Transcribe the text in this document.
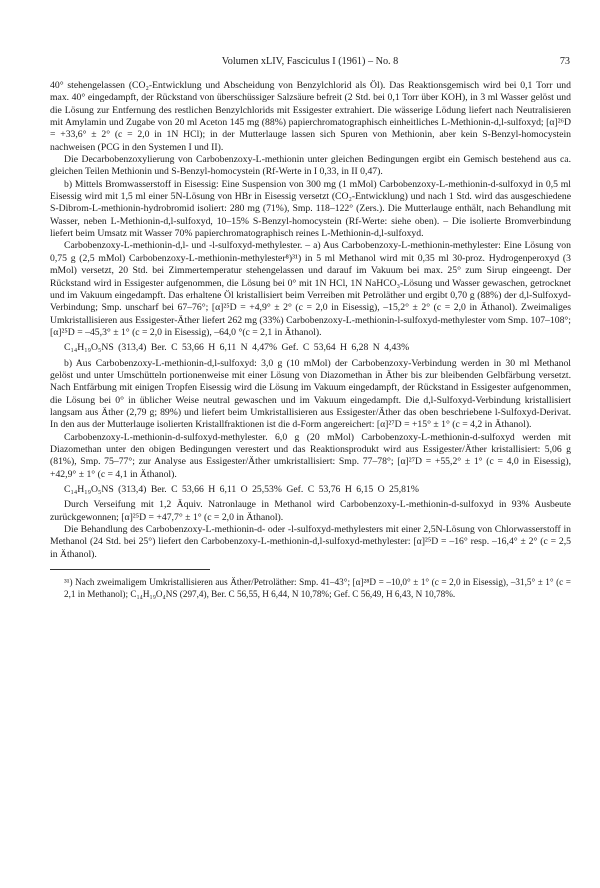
Volumen xLIV, Fasciculus I (1961) – No. 8	73

40° stehengelassen (CO₂-Entwicklung und Abscheidung von Benzylchlorid als Öl). Das Reaktionsgemisch wird bei 0,1 Torr und max. 40° eingedampft, der Rückstand von überschüssiger Salzsäure befreit (2 Std. bei 0,1 Torr über KOH), in 3 ml Wasser gelöst und die Lösung zur Entfernung des restlichen Benzylchlorids mit Essigester extrahiert. Die wässerige Lödung liefert nach Neutralisieren mit Amylamin und Zugabe von 20 ml Aceton 145 mg (88%) papierchromatographisch einheitliches L-Methionin-d,l-sulfoxyd; [α]²⁶D = +33,6° ± 2° (c = 2,0 in 1N HCl); in der Mutterlauge lassen sich Spuren von Methionin, aber kein S-Benzyl-homocystein nachweisen (PCG in den Systemen I und II).

Die Decarbobenzoxylierung von Carbobenzoxy-L-methionin unter gleichen Bedingungen ergibt ein Gemisch bestehend aus ca. gleichen Teilen Methionin und S-Benzyl-homocystein (Rf-Werte in I 0,33, in II 0,47).

b) Mittels Bromwasserstoff in Eisessig: Eine Suspension von 300 mg (1 mMol) Carbobenzoxy-L-methionin-d-sulfoxyd in 0,5 ml Eisessig wird mit 1,5 ml einer 5N-Lösung von HBr in Eisessig versetzt (CO₂-Entwicklung) und nach 1 Std. wird das ausgeschiedene S-Dibrom-L-methionin-hydrobromid isoliert: 280 mg (71%), Smp. 118–122° (Zers.). Die Mutterlauge enthält, nach Behandlung mit Wasser, neben L-Methionin-d,l-sulfoxyd, 10–15% S-Benzyl-homocystein (Rf-Werte: siehe oben). – Die isolierte Bromverbindung liefert beim Umsatz mit Wasser 70% papierchromatographisch reines L-Methionin-d,l-sulfoxyd.

Carbobenzoxy-L-methionin-d,l- und -l-sulfoxyd-methylester. – a) Aus Carbobenzoxy-L-methionin-methylester: Eine Lösung von 0,75 g (2,5 mMol) Carbobenzoxy-L-methionin-methylester⁸)³¹) in 5 ml Methanol wird mit 0,35 ml 30-proz. Hydrogenperoxyd (3 mMol) versetzt, 20 Std. bei Zimmertemperatur stehengelassen und darauf im Vakuum bei max. 25° zum Sirup eingeengt. Der Rückstand wird in Essigester aufgenommen, die Lösung bei 0° mit 1N HCl, 1N NaHCO₃-Lösung und Wasser gewaschen, getrocknet und im Vakuum eingedampft. Das erhaltene Öl kristallisiert beim Verreiben mit Petroläther und ergibt 0,70 g (88%) der d,l-Sulfoxyd-Verbindung; Smp. unscharf bei 67–76°; [α]²⁵D = +4,9° ± 2° (c = 2,0 in Eisessig), –15,2° ± 2° (c = 2,0 in Äthanol). Zweimaliges Umkristallisieren aus Essigester-Äther liefert 262 mg (33%) Carbobenzoxy-L-methionin-l-sulfoxyd-methylester vom Smp. 107–108°; [α]²⁵D = –45,3° ± 1° (c = 2,0 in Eisessig), –64,0 °(c = 2,1 in Äthanol).

C₁₄H₁₉O₅NS (313,4) Ber. C 53,66 H 6,11 N 4,47% Gef. C 53,64 H 6,28 N 4,43%

b) Aus Carbobenzoxy-L-methionin-d,l-sulfoxyd: 3,0 g (10 mMol) der Carbobenzoxy-Verbindung werden in 30 ml Methanol gelöst und unter Umschütteln portionenweise mit einer Lösung von Diazomethan in Äther bis zur bleibenden Gelbfärbung versetzt. Nach Entfärbung mit einigen Tropfen Eisessig wird die Lösung im Vakuum eingedampft, der Rückstand in Essigester aufgenommen, die Lösung bei 0° in üblicher Weise neutral gewaschen und im Vakuum eingedampft. Die d,l-Sulfoxyd-Verbindung kristallisiert langsam aus Äther (2,79 g; 89%) und liefert beim Umkristallisieren aus Essigester/Äther das oben beschriebene l-Sulfoxyd-Derivat. In den aus der Mutterlauge isolierten Kristallfraktionen ist die d-Form angereichert: [α]²⁷D = +15° ± 1° (c = 4,2 in Äthanol).

Carbobenzoxy-L-methionin-d-sulfoxyd-methylester. 6,0 g (20 mMol) Carbobenzoxy-L-methionin-d-sulfoxyd werden mit Diazomethan unter den obigen Bedingungen verestert und das Reaktionsprodukt wird aus Essigester/Äther kristallisiert: 5,06 g (81%), Smp. 75–77°; zur Analyse aus Essigester/Äther umkristallisiert: Smp. 77–78°; [α]²⁷D = +55,2° ± 1° (c = 4,0 in Eisessig), +42,9° ± 1° (c = 4,1 in Äthanol).

C₁₄H₁₉O₅NS (313,4) Ber. C 53,66 H 6,11 O 25,53% Gef. C 53,76 H 6,15 O 25,81%

Durch Verseifung mit 1,2 Äquiv. Natronlauge in Methanol wird Carbobenzoxy-L-methionin-d-sulfoxyd in 93% Ausbeute zurückgewonnen; [α]²⁵D = +47,7° ± 1° (c = 2,0 in Äthanol).

Die Behandlung des Carbobenzoxy-L-methionin-d- oder -l-sulfoxyd-methylesters mit einer 2,5N-Lösung von Chlorwasserstoff in Methanol (24 Std. bei 25°) liefert den Carbobenzoxy-L-methionin-d,l-sulfoxyd-methylester: [α]²⁵D = –16° resp. –16,4° ± 2° (c = 2,5 in Äthanol).

³¹) Nach zweimaligem Umkristallisieren aus Äther/Petroläther: Smp. 41–43°; [α]²⁸D = –10,0° ± 1° (c = 2,0 in Eisessig), –31,5° ± 1° (c = 2,1 in Methanol); C₁₄H₁₉O₄NS (297,4), Ber. C 56,55, H 6,44, N 10,78%; Gef. C 56,49, H 6,43, N 10,78%.
